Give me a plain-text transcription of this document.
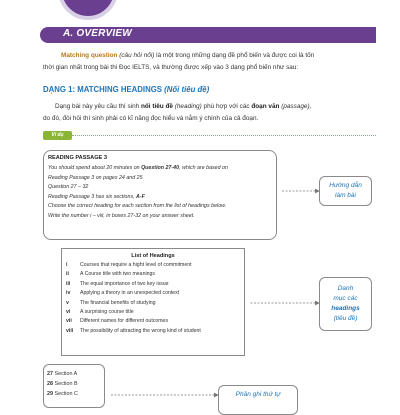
A. OVERVIEW
Matching question (câu hỏi nối) là một trong những dạng đề phổ biến và được coi là tốn
thời gian nhất trong bài thi Đọc IELTS, và thường được xếp vào 3 dạng phổ biến như sau:
DẠNG 1: MATCHING HEADINGS (Nối tiêu đề)
Dạng bài này yêu cầu thí sinh nối tiêu đề (heading) phù hợp với các đoạn văn (passage),
do đó, đòi hỏi thí sinh phải có kĩ năng đọc hiểu và nắm ý chính của cả đoạn.
Ví dụ
READING PASSAGE 3
You should spend about 20 minutes on Question 27-40, which are based on
Reading Passage 3 on pages 24 and 25
Question 27 – 32
Reading Passage 3 has six sections, A-F
Choose the correct heading for each section from the list of headings below.
Write the number i – viii, in boxes 27-32 on your answer sheet.
List of Headings
i Courses that require a hight level of commitment
ii A Course title with two meanings
iii The equal importance of two key issue
iv Applying a theory in an unexpected context
v The financial benefits of studying
vi A surprising course title
vii Different names for different outcomes
viii The possibility of attracting the wrong kind of student
27 Section A
28 Section B
29 Section C
Hướng dẫn
làm bài
Danh
mục các
headings
(tiêu đề)
Phần ghi thứ tự
